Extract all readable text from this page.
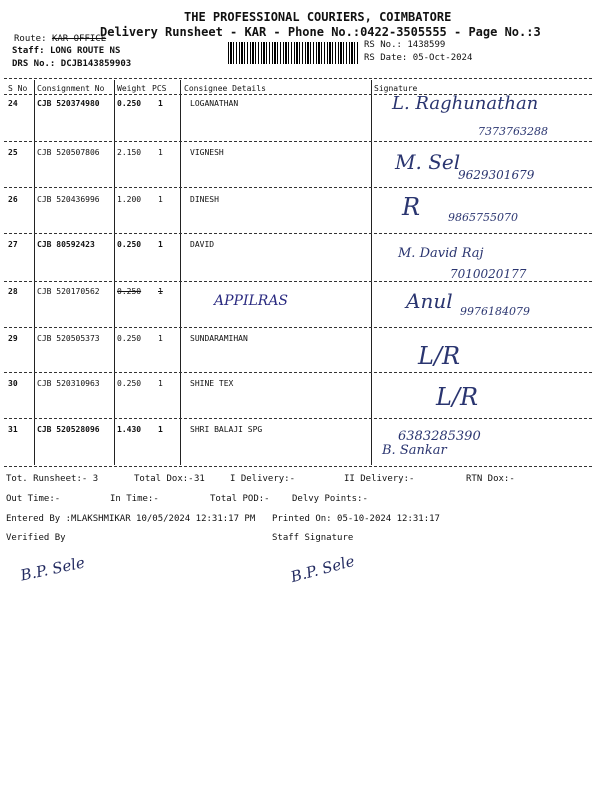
THE PROFESSIONAL COURIERS, COIMBATORE
Delivery Runsheet - KAR - Phone No.:0422-3505555 - Page No.:3
Route: KAR OFFICE
Staff: LONG ROUTE NS
DRS No.: DCJB143859903
RS No.: 1438599
RS Date: 05-Oct-2024
S No Consignment No Weight PCS Consignee Details	Signature
24 CJB 520374980 0.250 1	LOGANATHAN	L. Raghunathan
7373763288
25 CJB 520507806 2.150 1	VIGNESH	M. Sel
9629301679
26 CJB 520436996 1.200 1	DINESH	R	9865755070
27 CJB 80592423	0.250 1	DAVID
M. David Raj
7010020177
28 CJB 520170562 0.250 1
APPILRAS	Anul 9976184079
29 CJB 520505373 0.250 1	SUNDARAMIHAN
L/R
30 CJB 520310963 0.250 1	SHINE TEX	L/R
31 CJB 520528096 1.430 1	SHRI BALAJI SPG
B. Sankar
6383285390
Tot. Runsheet:- 3	Total Dox:- 31	I Delivery:-	II Delivery:-	RTN Dox:-
Out Time:-	In Time:-	Total POD:- Delvy Points:-
Entered By :MLAKSHMIKAR 10/05/2024 12:31:17 PM Printed On: 05-10-2024 12:31:17
Verified By	Staff Signature
B.P. Sele	B.P. Sele
